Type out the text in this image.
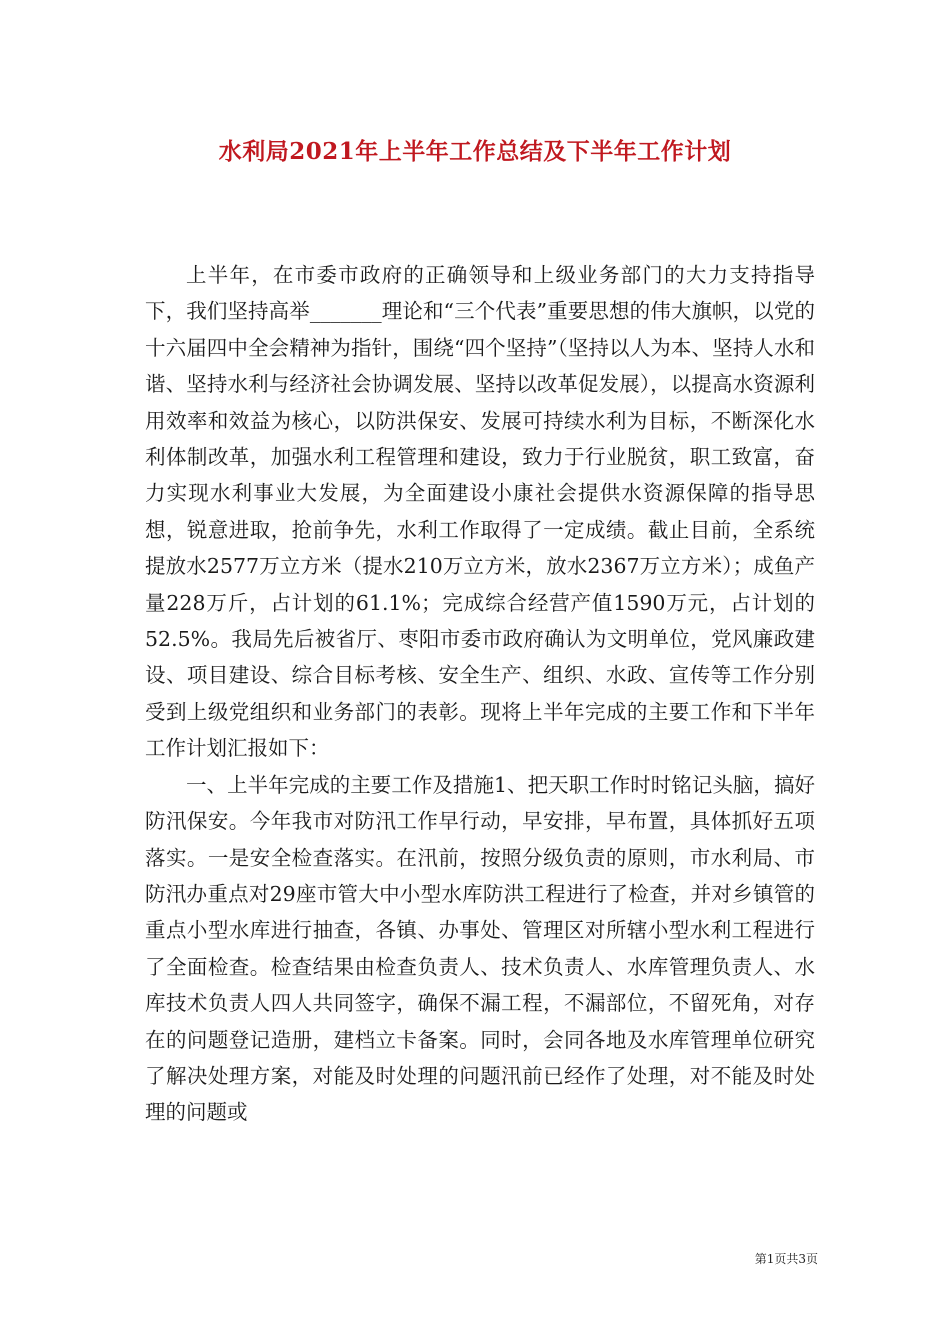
水利局2021年上半年工作总结及下半年工作计划

上半年，在市委市政府的正确领导和上级业务部门的大力支持指导下，我们坚持高举_______理论和“三个代表”重要思想的伟大旗帜，以党的十六届四中全会精神为指针，围绕“四个坚持”（坚持以人为本、坚持人水和谐、坚持水利与经济社会协调发展、坚持以改革促发展），以提高水资源利用效率和效益为核心，以防洪保安、发展可持续水利为目标，不断深化水利体制改革，加强水利工程管理和建设，致力于行业脱贫，职工致富，奋力实现水利事业大发展，为全面建设小康社会提供水资源保障的指导思想，锐意进取，抢前争先，水利工作取得了一定成绩。截止目前，全系统提放水2577万立方米（提水210万立方米，放水2367万立方米）；成鱼产量228万斤，占计划的61.1%；完成综合经营产值1590万元，占计划的52.5%。我局先后被省厅、枣阳市委市政府确认为文明单位，党风廉政建设、项目建设、综合目标考核、安全生产、组织、水政、宣传等工作分别受到上级党组织和业务部门的表彰。现将上半年完成的主要工作和下半年工作计划汇报如下：

一、上半年完成的主要工作及措施1、把天职工作时时铭记头脑，搞好防汛保安。今年我市对防汛工作早行动，早安排，早布置，具体抓好五项落实。一是安全检查落实。在汛前，按照分级负责的原则，市水利局、市防汛办重点对29座市管大中小型水库防洪工程进行了检查，并对乡镇管的重点小型水库进行抽查，各镇、办事处、管理区对所辖小型水利工程进行了全面检查。检查结果由检查负责人、技术负责人、水库管理负责人、水库技术负责人四人共同签字，确保不漏工程，不漏部位，不留死角，对存在的问题登记造册，建档立卡备案。同时，会同各地及水库管理单位研究了解决处理方案，对能及时处理的问题汛前已经作了处理，对不能及时处理的问题或

第1页共3页
